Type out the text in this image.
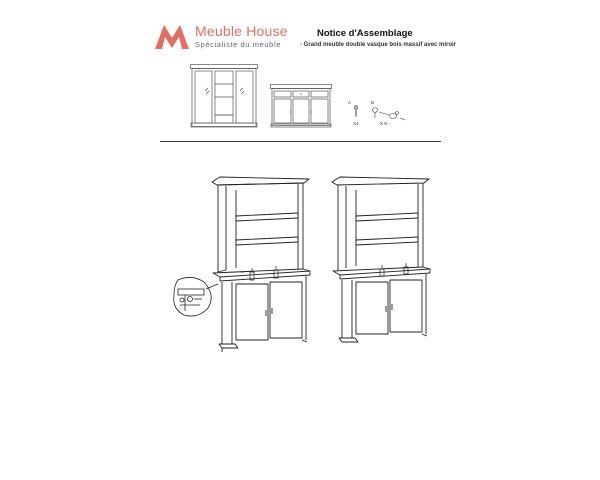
Meuble House
Spécialiste du meuble
Notice d'Assemblage
- Grand meuble double vasque bois massif avec miroir
A
X4
B
X N
